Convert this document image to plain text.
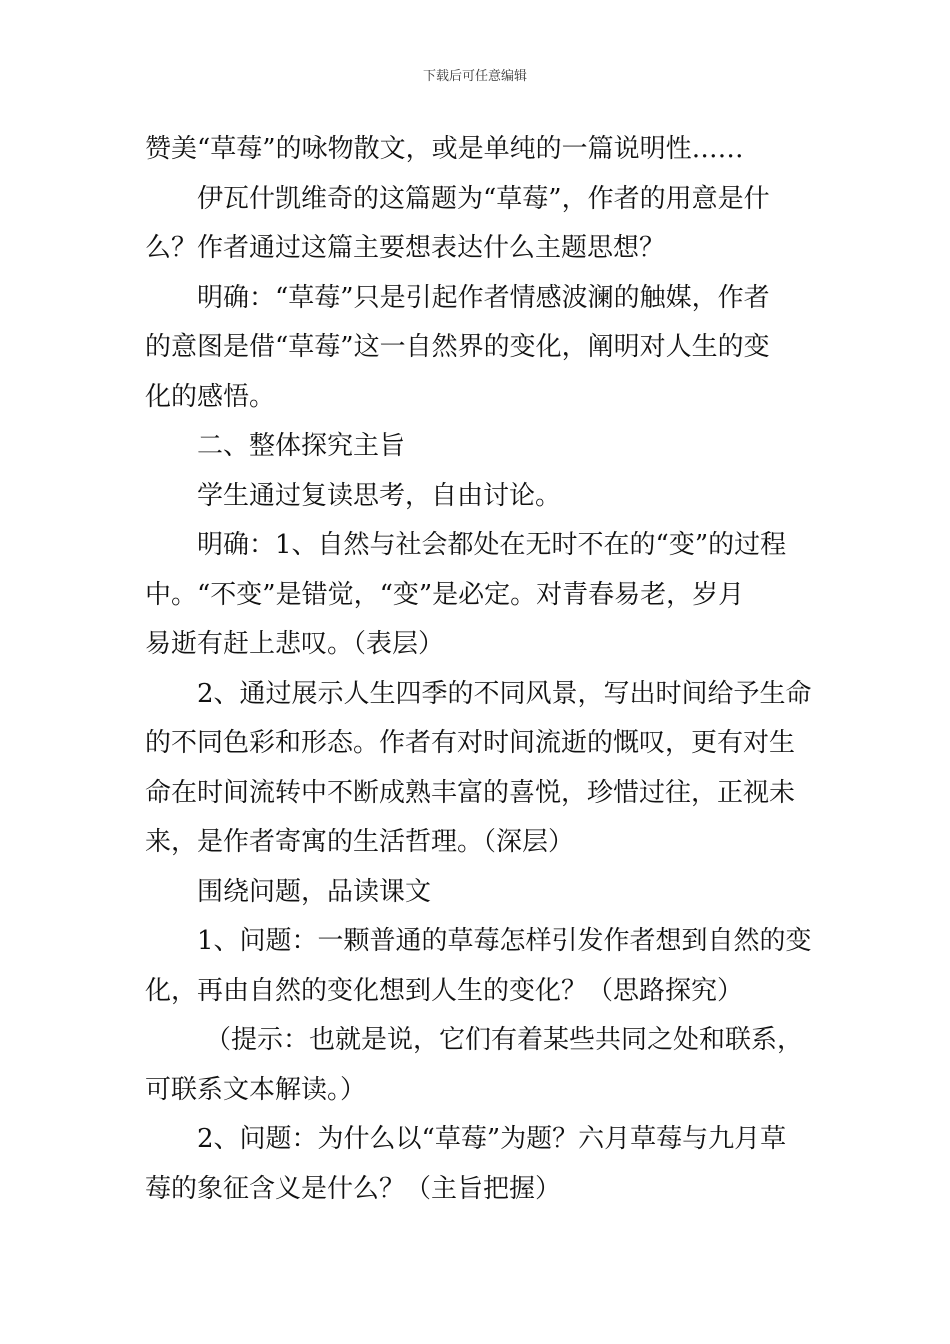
下载后可任意编辑
赞美“草莓”的咏物散文，或是单纯的一篇说明性……
伊瓦什凯维奇的这篇题为“草莓”，作者的用意是什
么？作者通过这篇主要想表达什么主题思想？
明确：“草莓”只是引起作者情感波澜的触媒，作者
的意图是借“草莓”这一自然界的变化，阐明对人生的变
化的感悟。
二、整体探究主旨
学生通过复读思考，自由讨论。
明确：1、自然与社会都处在无时不在的“变”的过程
中。“不变”是错觉，“变”是必定。对青春易老，岁月
易逝有赶上悲叹。（表层）
2、通过展示人生四季的不同风景，写出时间给予生命
的不同色彩和形态。作者有对时间流逝的慨叹，更有对生
命在时间流转中不断成熟丰富的喜悦，珍惜过往，正视未
来，是作者寄寓的生活哲理。（深层）
围绕问题，品读课文
1、问题：一颗普通的草莓怎样引发作者想到自然的变
化，再由自然的变化想到人生的变化？（思路探究）
（提示：也就是说，它们有着某些共同之处和联系，
可联系文本解读。）
2、问题：为什么以“草莓”为题？六月草莓与九月草
莓的象征含义是什么？（主旨把握）
